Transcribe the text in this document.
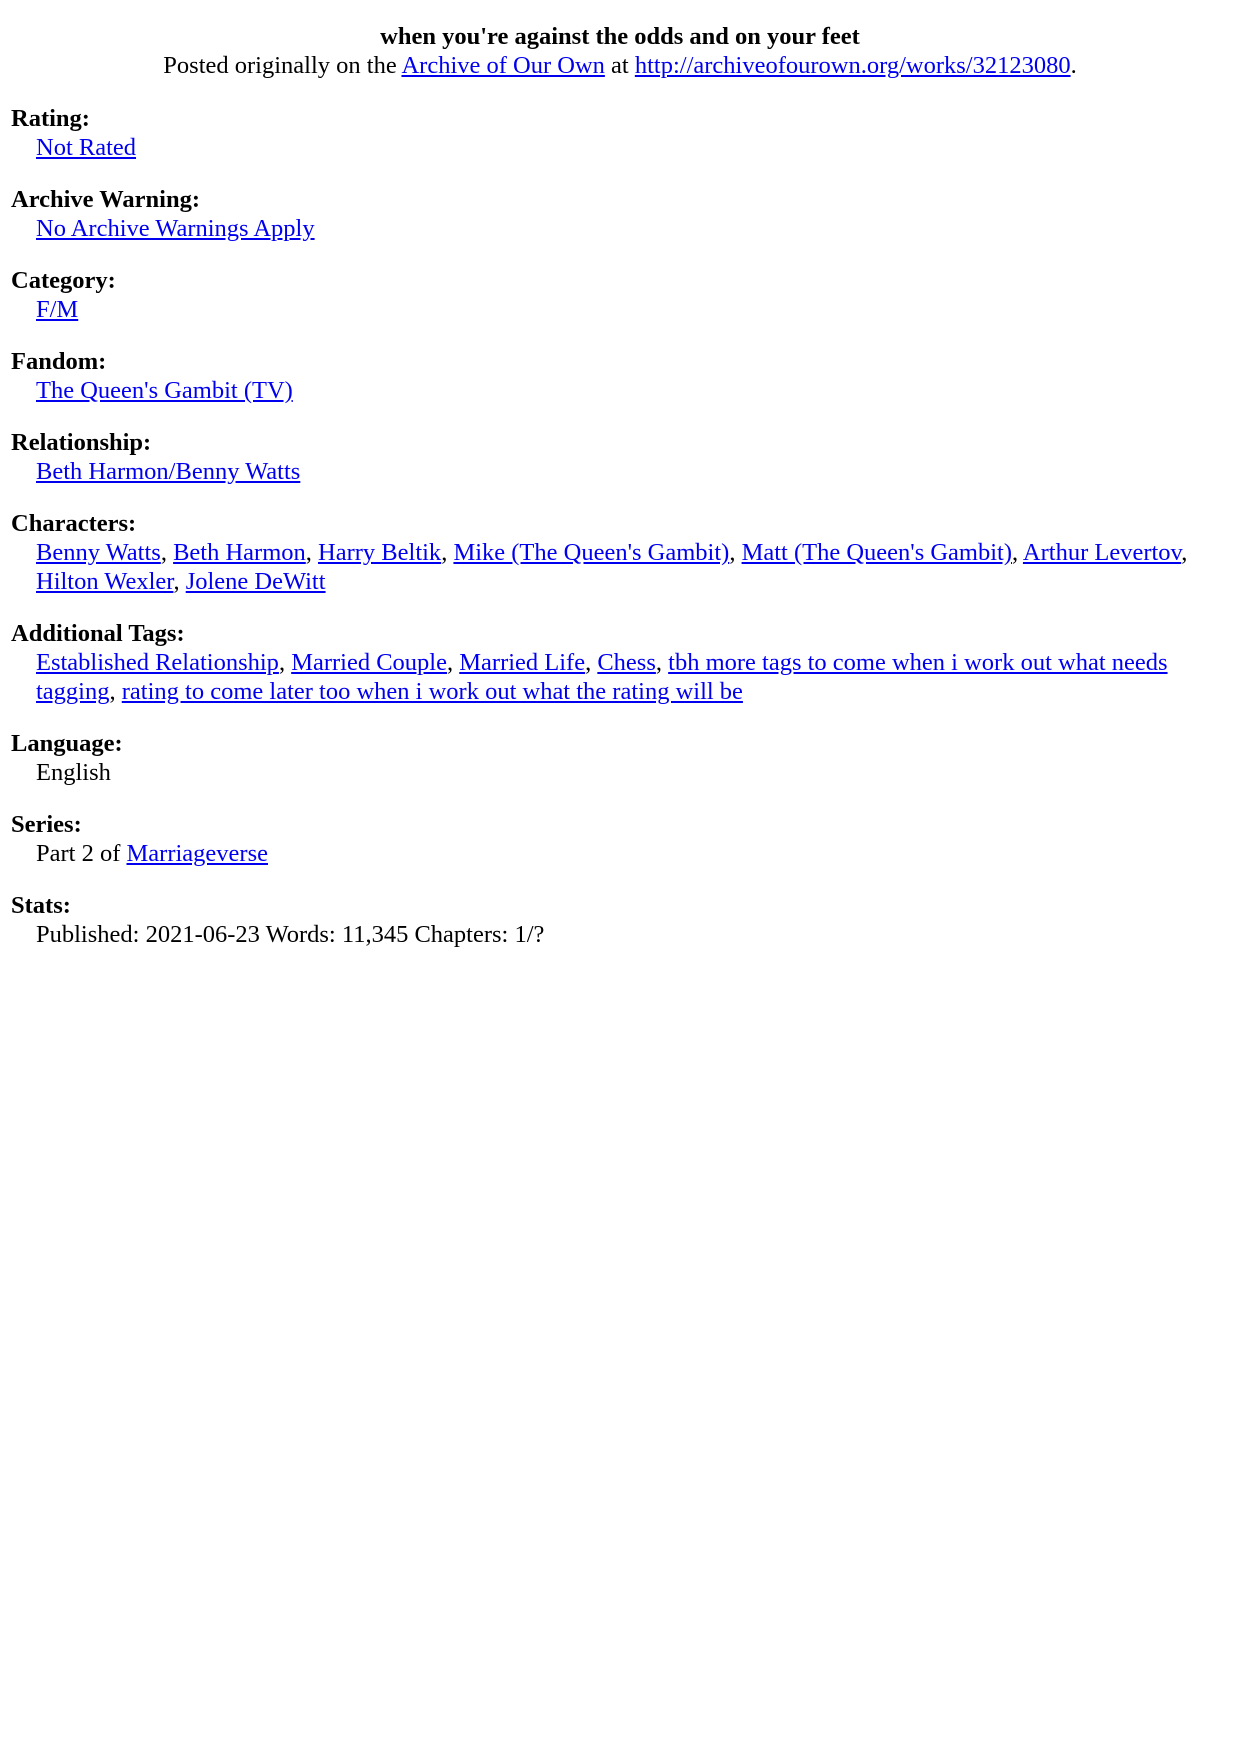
when you're against the odds and on your feet
Posted originally on the Archive of Our Own at http://archiveofourown.org/works/32123080.
Rating:
Not Rated
Archive Warning:
No Archive Warnings Apply
Category:
F/M
Fandom:
The Queen's Gambit (TV)
Relationship:
Beth Harmon/Benny Watts
Characters:
Benny Watts, Beth Harmon, Harry Beltik, Mike (The Queen's Gambit), Matt (The Queen's Gambit), Arthur Levertov, Hilton Wexler, Jolene DeWitt
Additional Tags:
Established Relationship, Married Couple, Married Life, Chess, tbh more tags to come when i work out what needs tagging, rating to come later too when i work out what the rating will be
Language:
English
Series:
Part 2 of Marriageverse
Stats:
Published: 2021-06-23 Words: 11,345 Chapters: 1/?
